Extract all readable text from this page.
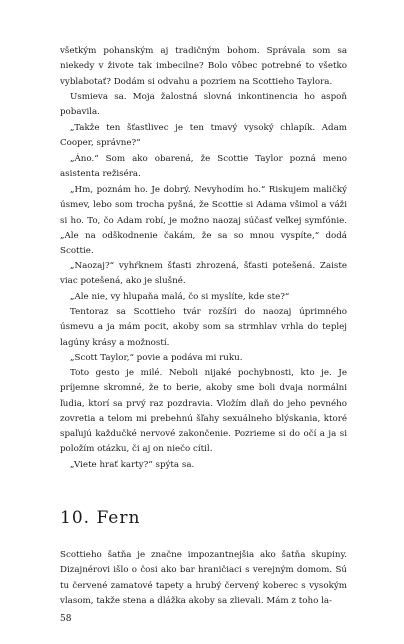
všetkým pohanským aj tradičným bohom. Správala som sa niekedy v živote tak imbecilne? Bolo vôbec potrebné to všetko vyblabotať? Dodám si odvahu a pozriem na Scottieho Taylora.

Usmieva sa. Moja žalostná slovná inkontinencia ho aspoň pobavila.

„Takže ten šťastlivec je ten tmavý vysoký chlapík. Adam Cooper, správne?“

„Áno.“ Som ako obarená, že Scottie Taylor pozná meno asistenta režiséra.

„Hm, poznám ho. Je dobrý. Nevyhodím ho.“ Riskujem maličký úsmev, lebo som trocha pyšná, že Scottie si Adama všimol a váži si ho. To, čo Adam robí, je možno naozaj súčasť veľkej symfónie. „Ale na odškodnenie čakám, že sa so mnou vyspíte,“ dodá Scottie.

„Naozaj?“ vyhŕknem šťasti zhrozená, šťasti potešená. Zaiste viac potešená, ako je slušné.

„Ale nie, vy hlupaňa malá, čo si myslíte, kde ste?“

Tentoraz sa Scottieho tvár rozšíri do naozaj úprimného úsmevu a ja mám pocit, akoby som sa strmhlav vrhla do teplej lagúny krásy a možností.

„Scott Taylor,“ povie a podáva mi ruku.

Toto gesto je milé. Neboli nijaké pochybnosti, kto je. Je príjemne skromné, že to berie, akoby sme boli dvaja normálni ľudia, ktorí sa prvý raz pozdravia. Vložím dlaň do jeho pevného zovretia a telom mi prebehnú šľahy sexuálneho blýskania, ktoré spaľujú každučké nervové zakončenie. Pozrieme si do očí a ja si položím otázku, či aj on niečo cítil.

„Viete hrať karty?“ spýta sa.

10. Fern

Scottieho šatňa je značne impozantnejšia ako šatňa skupiny. Dizajnérovi išlo o čosi ako bar hraničiaci s verejným domom. Sú tu červené zamatové tapety a hrubý červený koberec s vysokým vlasom, takže stena a dlážka akoby sa zlievali. Mám z toho la-

58
